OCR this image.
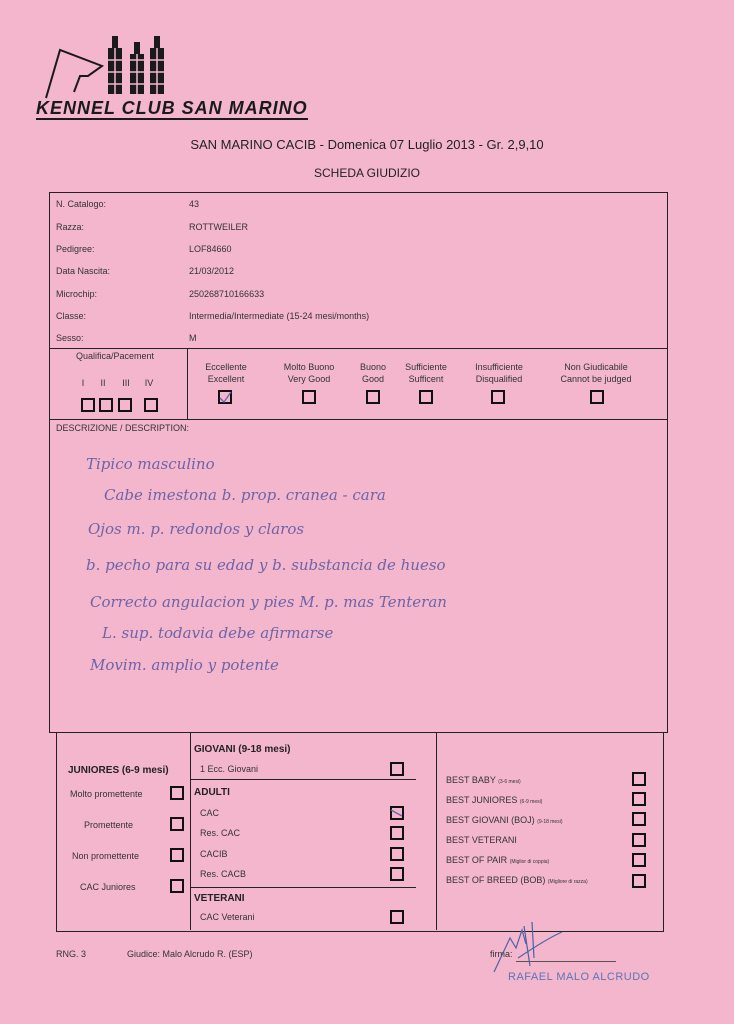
KENNEL CLUB SAN MARINO
SAN MARINO CACIB - Domenica 07 Luglio 2013 - Gr. 2,9,10
SCHEDA GIUDIZIO
N. Catalogo:	43
Razza:	ROTTWEILER
Pedigree:	LOF84660
Data Nascita:	21/03/2012
Microchip:	250268710166633
Classe:	Intermedia/Intermediate (15-24 mesi/months)
Sesso:	M
Qualifica/Pacement
I	II	III	IV
Eccellente
Excellent
Molto Buono
Very Good
Buono
Good
Sufficiente
Sufficent
Insufficiente
Disqualified
Non Giudicabile
Cannot be judged
DESCRIZIONE / DESCRIPTION:
Tipico masculino
Cabe imestona b. prop. cranea - cara
Ojos m. p. redondos y claros
b. pecho para su edad y b. substancia de hueso
Correcto angulacion y pies M. p. mas Tenteran
L. sup. todavia debe afirmarse
Movim. amplio y potente
JUNIORES (6-9 mesi)
Molto promettente
Promettente
Non promettente
CAC Juniores
GIOVANI (9-18 mesi)
1 Ecc. Giovani
ADULTI
CAC
Res. CAC
CACIB
Res. CACB
VETERANI
CAC Veterani
BEST BABY (3-6 mesi)
BEST JUNIORES (6-9 mesi)
BEST GIOVANI (BOJ) (9-18 mesi)
BEST VETERANI
BEST OF PAIR (Miglior di coppia)
BEST OF BREED (BOB) (Migliore di razza)
RNG. 3	Giudice: Malo Alcrudo R. (ESP)	firma:
RAFAEL MALO ALCRUDO
